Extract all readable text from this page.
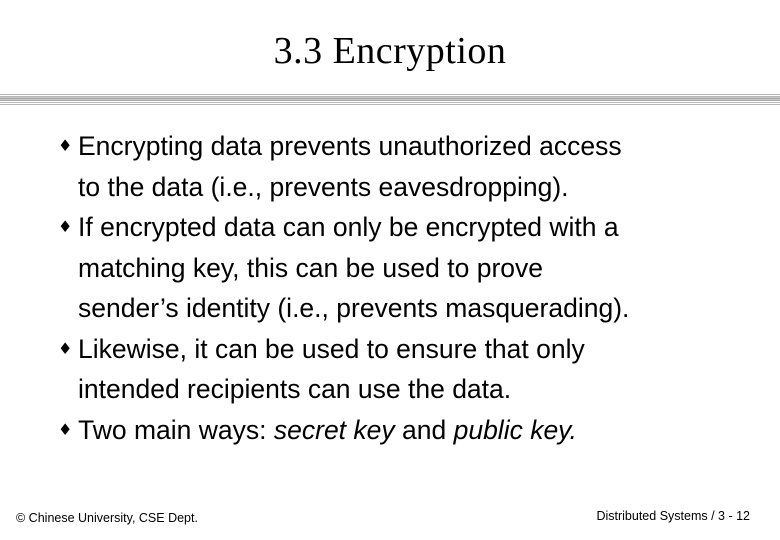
3.3 Encryption
♦ Encrypting data prevents unauthorized access
to the data (i.e., prevents eavesdropping).
♦ If encrypted data can only be encrypted with a
matching key, this can be used to prove
sender’s identity (i.e., prevents masquerading).
♦ Likewise, it can be used to ensure that only
intended recipients can use the data.
♦ Two main ways: secret key and public key.
© Chinese University, CSE Dept.	Distributed Systems / 3 - 12
